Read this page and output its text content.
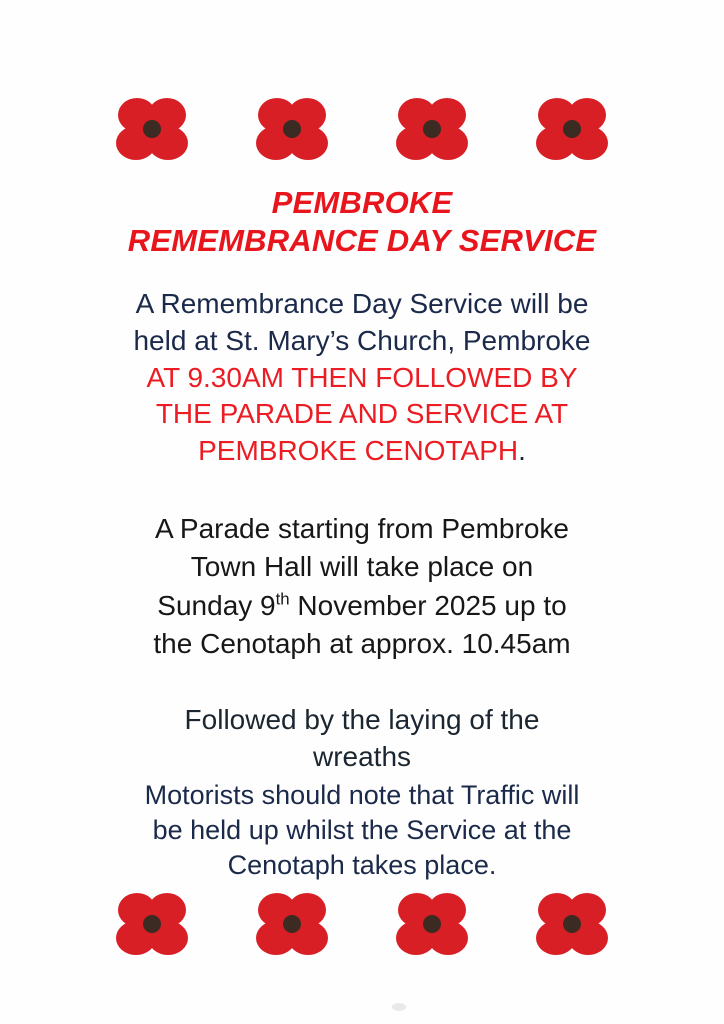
PEMBROKE
REMEMBRANCE DAY SERVICE
A Remembrance Day Service will be
held at St. Mary’s Church, Pembroke
AT 9.30AM THEN FOLLOWED BY
THE PARADE AND SERVICE AT
PEMBROKE CENOTAPH.
A Parade starting from Pembroke
Town Hall will take place on
Sunday 9th November 2025 up to
the Cenotaph at approx. 10.45am
Followed by the laying of the
wreaths
Motorists should note that Traffic will
be held up whilst the Service at the
Cenotaph takes place.
